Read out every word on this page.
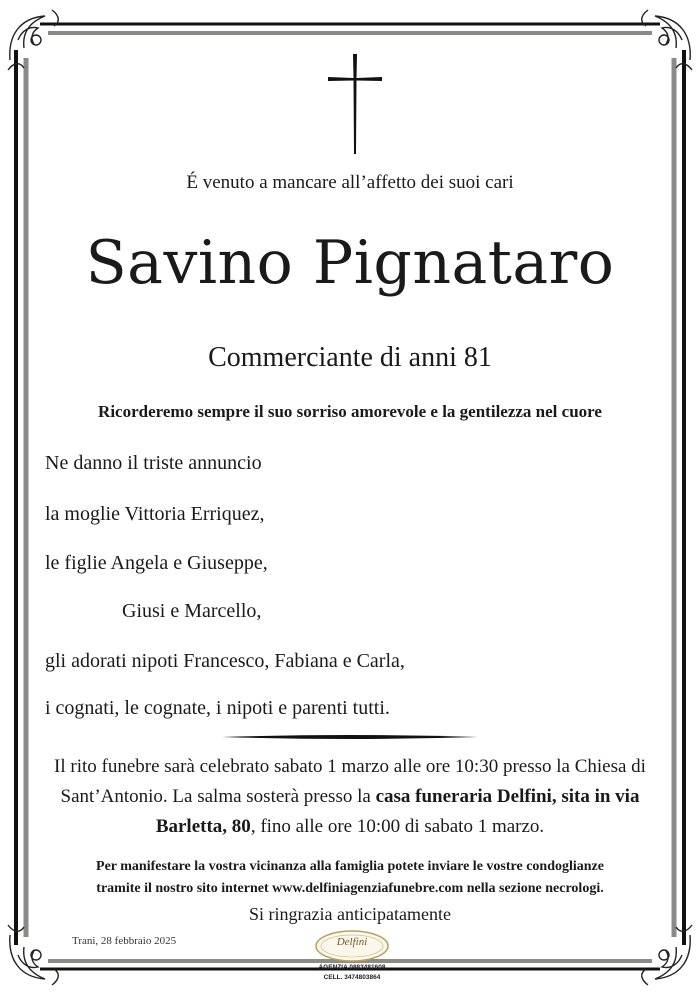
É venuto a mancare all’affetto dei suoi cari
Savino Pignataro
Commerciante di anni 81
Ricorderemo sempre il suo sorriso amorevole e la gentilezza nel cuore
Ne danno il triste annuncio
la moglie Vittoria Erriquez,
le figlie Angela e Giuseppe,
Giusi e Marcello,
gli adorati nipoti Francesco, Fabiana e Carla,
i cognati, le cognate, i nipoti e parenti tutti.
Il rito funebre sarà celebrato sabato 1 marzo alle ore 10:30 presso la Chiesa di Sant’Antonio. La salma sosterà presso la casa funeraria Delfini, sita in via Barletta, 80, fino alle ore 10:00 di sabato 1 marzo.
Per manifestare la vostra vicinanza alla famiglia potete inviare le vostre condoglianze
tramite il nostro sito internet www.delfiniagenziafunebre.com nella sezione necrologi.
Si ringrazia anticipatamente
Trani, 28 febbraio 2025	Delfini
AGENZIA 0883481608
CELL. 3474803864
